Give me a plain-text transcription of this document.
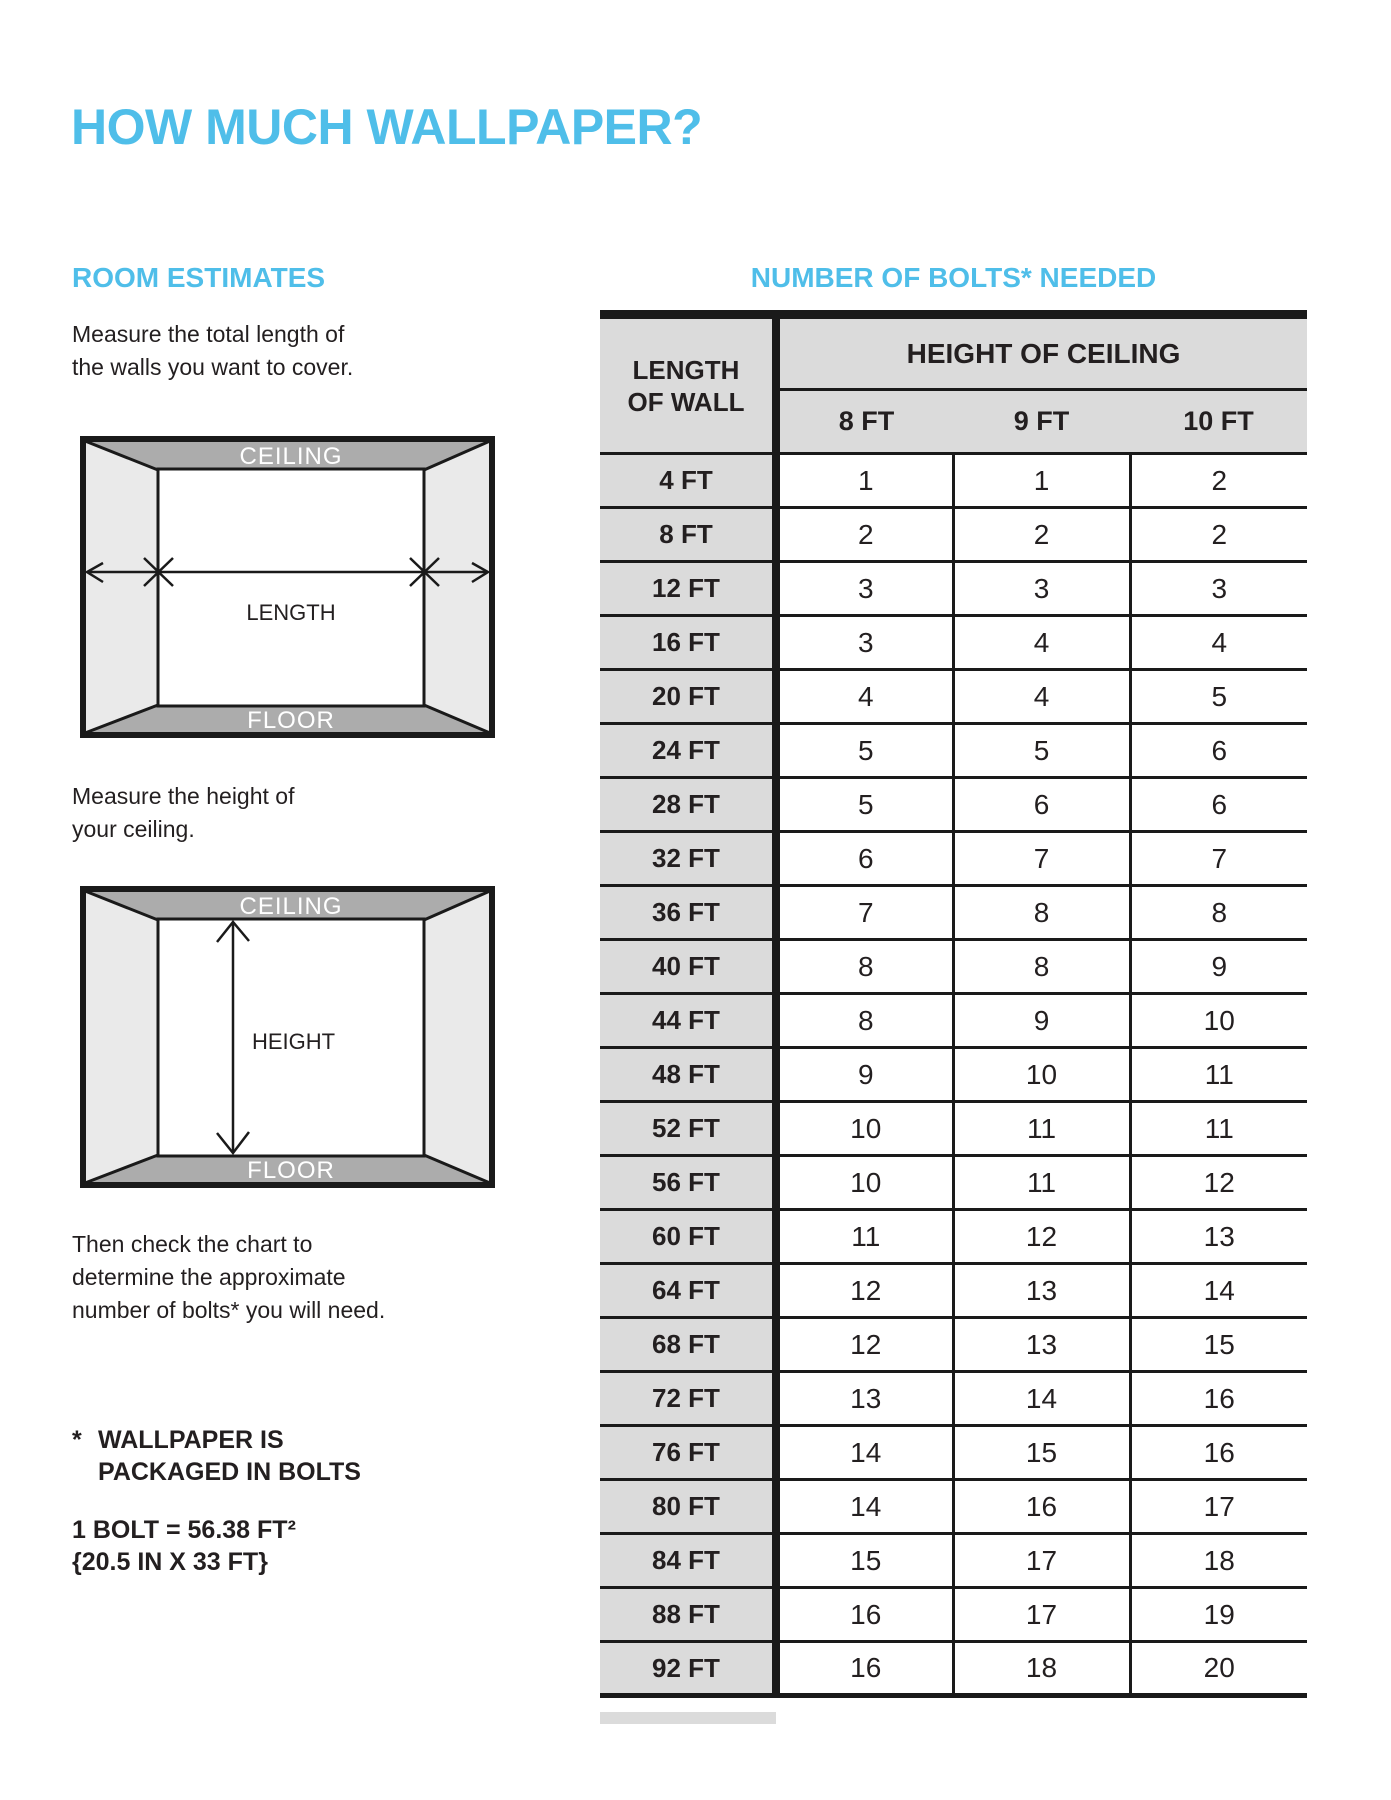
HOW MUCH WALLPAPER?
ROOM ESTIMATES	NUMBER OF BOLTS* NEEDED
Measure the total length of
the walls you want to cover.
CEILING
FLOOR
LENGTH
Measure the height of
your ceiling.
CEILING
FLOOR
HEIGHT
Then check the chart to
determine the approximate
number of bolts* you will need.
* WALLPAPER IS
PACKAGED IN BOLTS
1 BOLT = 56.38 FT²
{20.5 IN X 33 FT}
LENGTH
OF WALL	HEIGHT OF CEILING		
	8 FT	9 FT	10 FT
4 FT	1	1	2
8 FT	2	2	2
12 FT	3	3	3
16 FT	3	4	4
20 FT	4	4	5
24 FT	5	5	6
28 FT	5	6	6
32 FT	6	7	7
36 FT	7	8	8
40 FT	8	8	9
44 FT	8	9	10
48 FT	9	10	11
52 FT	10	11	11
56 FT	10	11	12
60 FT	11	12	13
64 FT	12	13	14
68 FT	12	13	15
72 FT	13	14	16
76 FT	14	15	16
80 FT	14	16	17
84 FT	15	17	18
88 FT	16	17	19
92 FT	16	18	20
